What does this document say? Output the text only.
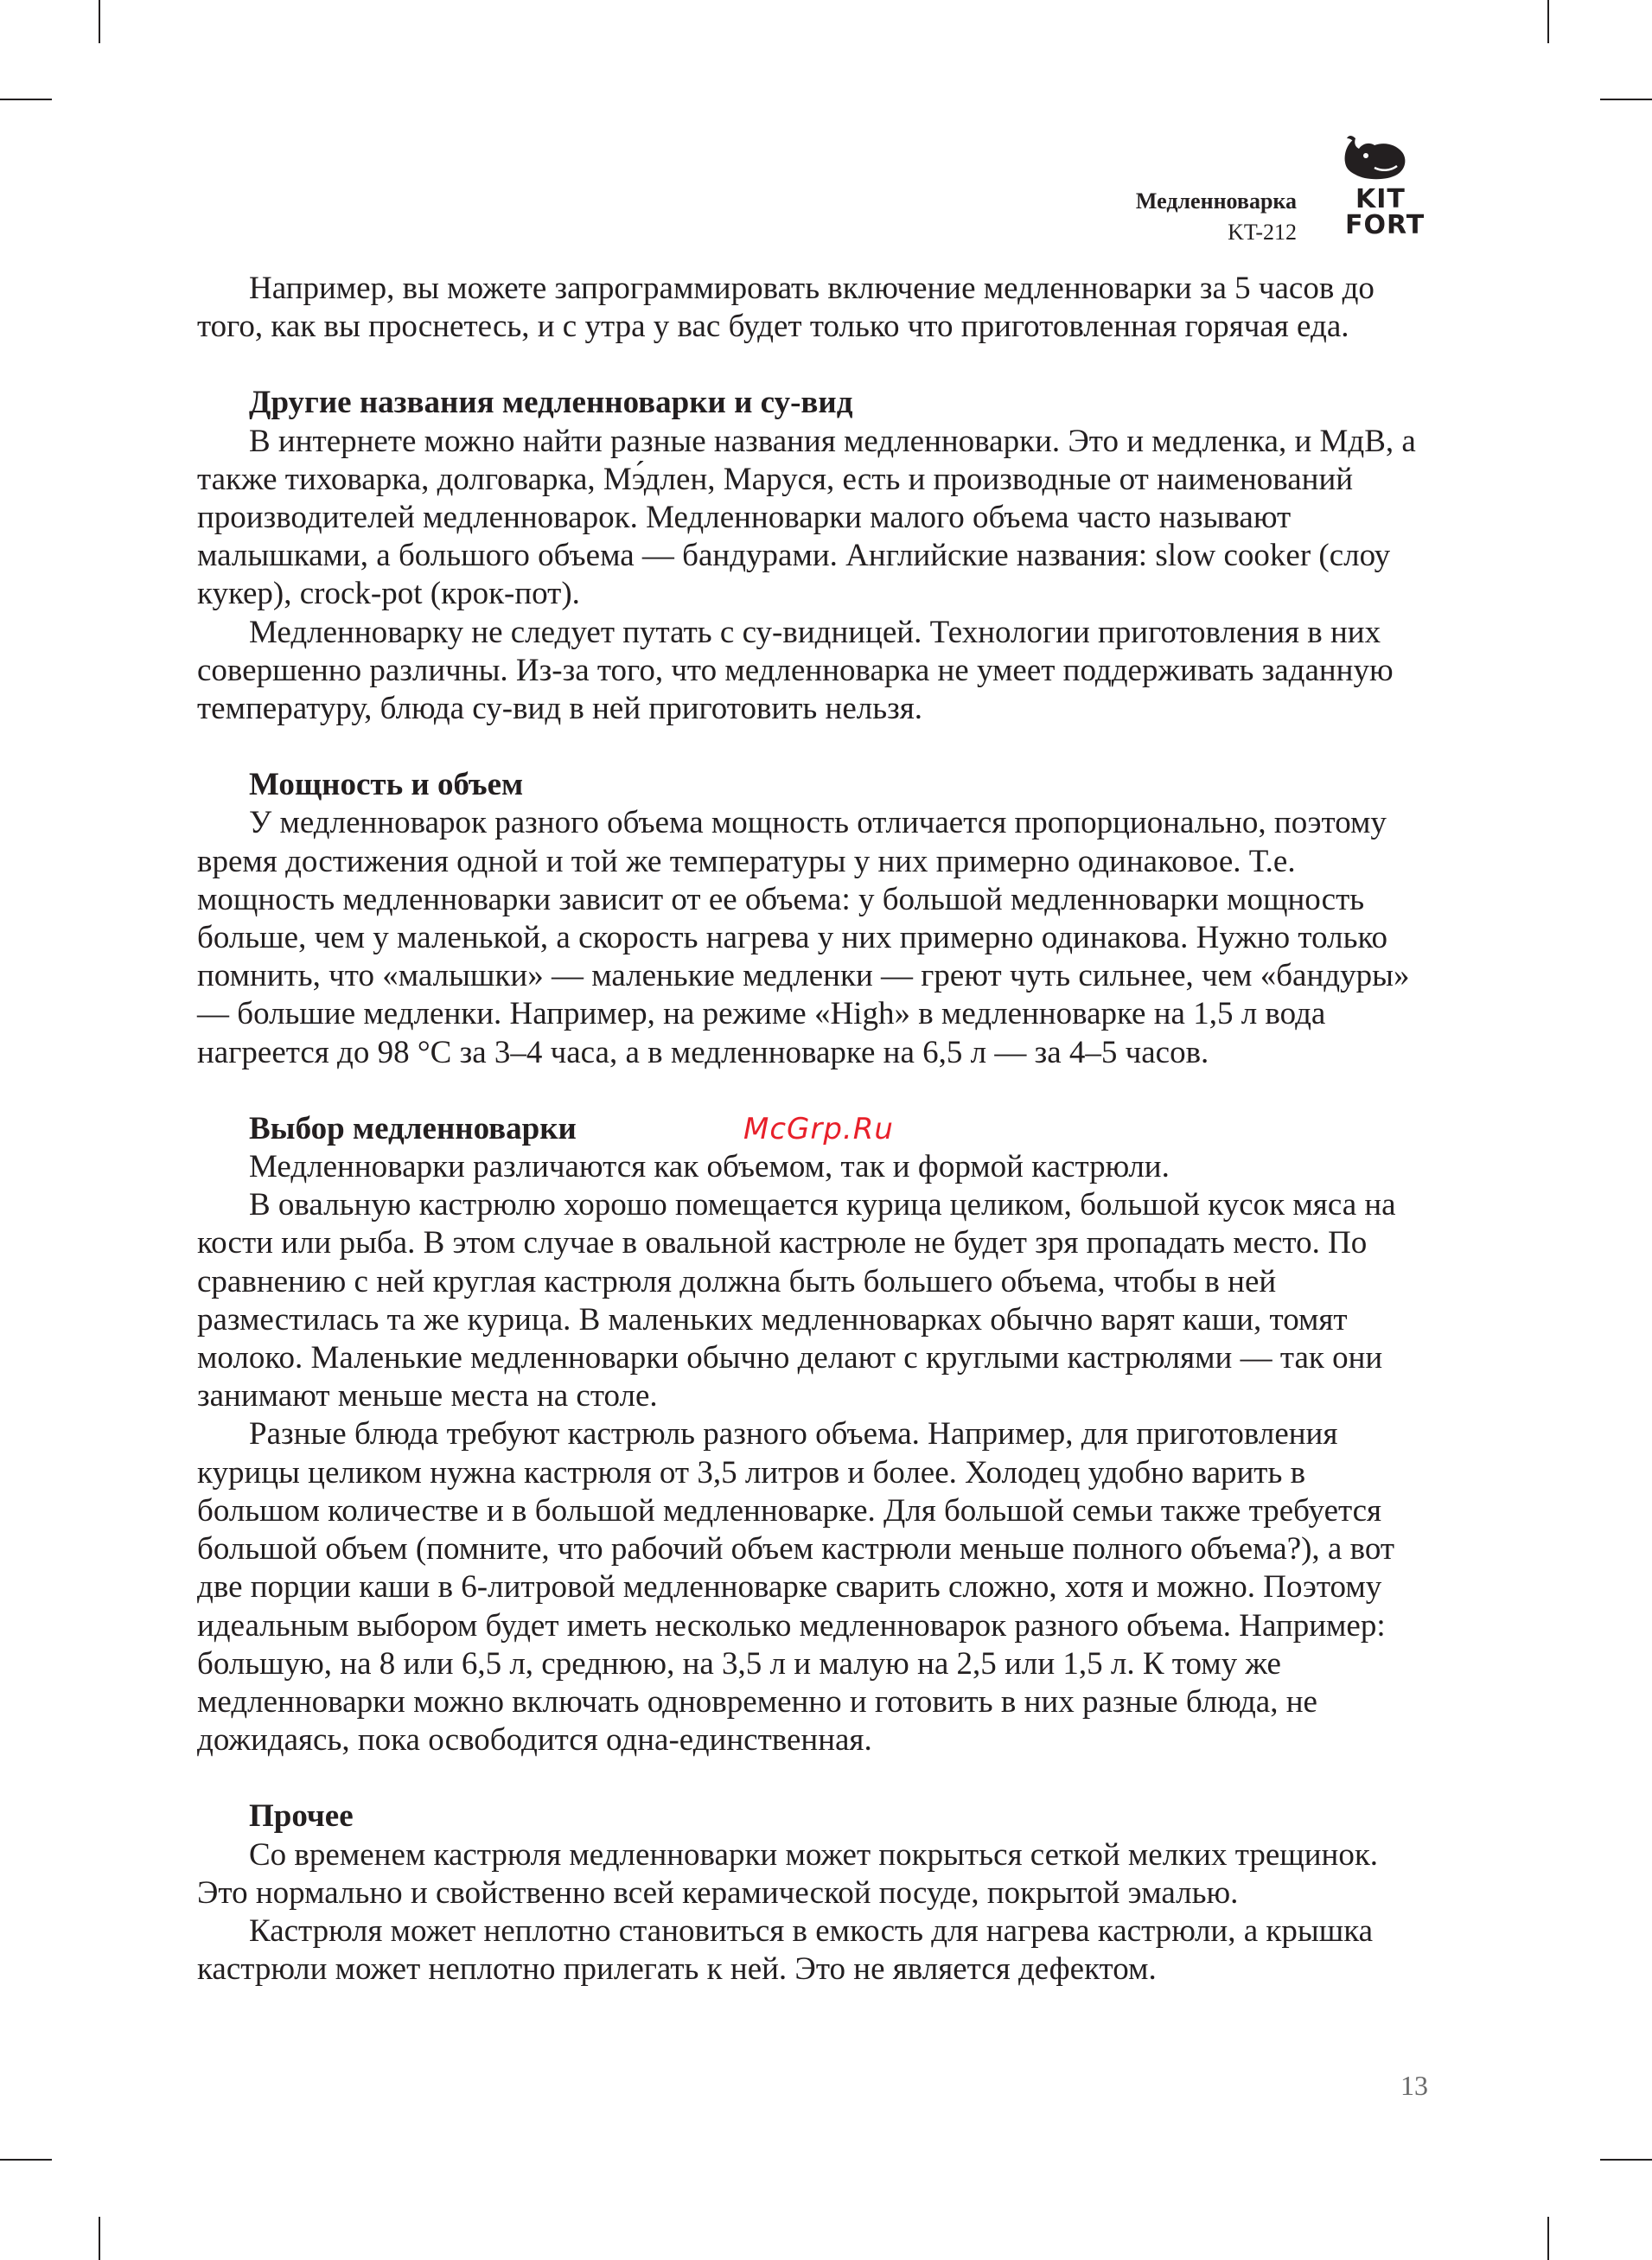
Медленноварка
KT-212
KIT
FORT

Например, вы можете запрограммировать включение медленноварки за 5 часов до того, как вы проснетесь, и с утра у вас будет только что приготовленная горячая еда.

Другие названия медленноварки и су-вид

В интернете можно найти разные названия медленноварки. Это и медленка, и МдВ, а также тиховарка, долговарка, Мэ́длен, Маруся, есть и производные от наименований производителей медленноварок. Медленноварки малого объема часто называют малышками, а большого объема — бандурами. Английские названия: slow cooker (слоу кукер), crock-pot (крок-пот).

Медленноварку не следует путать с су-видницей. Технологии приготовления в них совершенно различны. Из-за того, что медленноварка не умеет поддерживать заданную температуру, блюда су-вид в ней приготовить нельзя.

Мощность и объем

У медленноварок разного объема мощность отличается пропорционально, поэтому время достижения одной и той же температуры у них примерно одинаковое. Т.е. мощность медленноварки зависит от ее объема: у большой медленноварки мощность больше, чем у маленькой, а скорость нагрева у них примерно одинакова. Нужно только помнить, что «малышки» — маленькие медленки — греют чуть сильнее, чем «бандуры» — большие медленки. Например, на режиме «High» в медленноварке на 1,5 л вода нагреется до 98 °С за 3–4 часа, а в медленноварке на 6,5 л — за 4–5 часов.

Выбор медленноварки

Медленноварки различаются как объемом, так и формой кастрюли.

В овальную кастрюлю хорошо помещается курица целиком, большой кусок мяса на кости или рыба. В этом случае в овальной кастрюле не будет зря пропадать место. По сравнению с ней круглая кастрюля должна быть большего объема, чтобы в ней разместилась та же курица. В маленьких медленноварках обычно варят каши, томят молоко. Маленькие медленноварки обычно делают с круглыми кастрюлями — так они занимают меньше места на столе.

Разные блюда требуют кастрюль разного объема. Например, для приготовления курицы целиком нужна кастрюля от 3,5 литров и более. Холодец удобно варить в большом количестве и в большой медленноварке. Для большой семьи также требуется большой объем (помните, что рабочий объем кастрюли меньше полного объема?), а вот две порции каши в 6-литровой медленноварке сварить сложно, хотя и можно. Поэтому идеальным выбором будет иметь несколько медленноварок разного объема. Например: большую, на 8 или 6,5 л, среднюю, на 3,5 л и малую на 2,5 или 1,5 л. К тому же медленноварки можно включать одновременно и готовить в них разные блюда, не дожидаясь, пока освободится одна-единственная.

Прочее

Со временем кастрюля медленноварки может покрыться сеткой мелких трещинок. Это нормально и свойственно всей керамической посуде, покрытой эмалью.

Кастрюля может неплотно становиться в емкость для нагрева кастрюли, а крышка кастрюли может неплотно прилегать к ней. Это не является дефектом.

McGrp.Ru
13
